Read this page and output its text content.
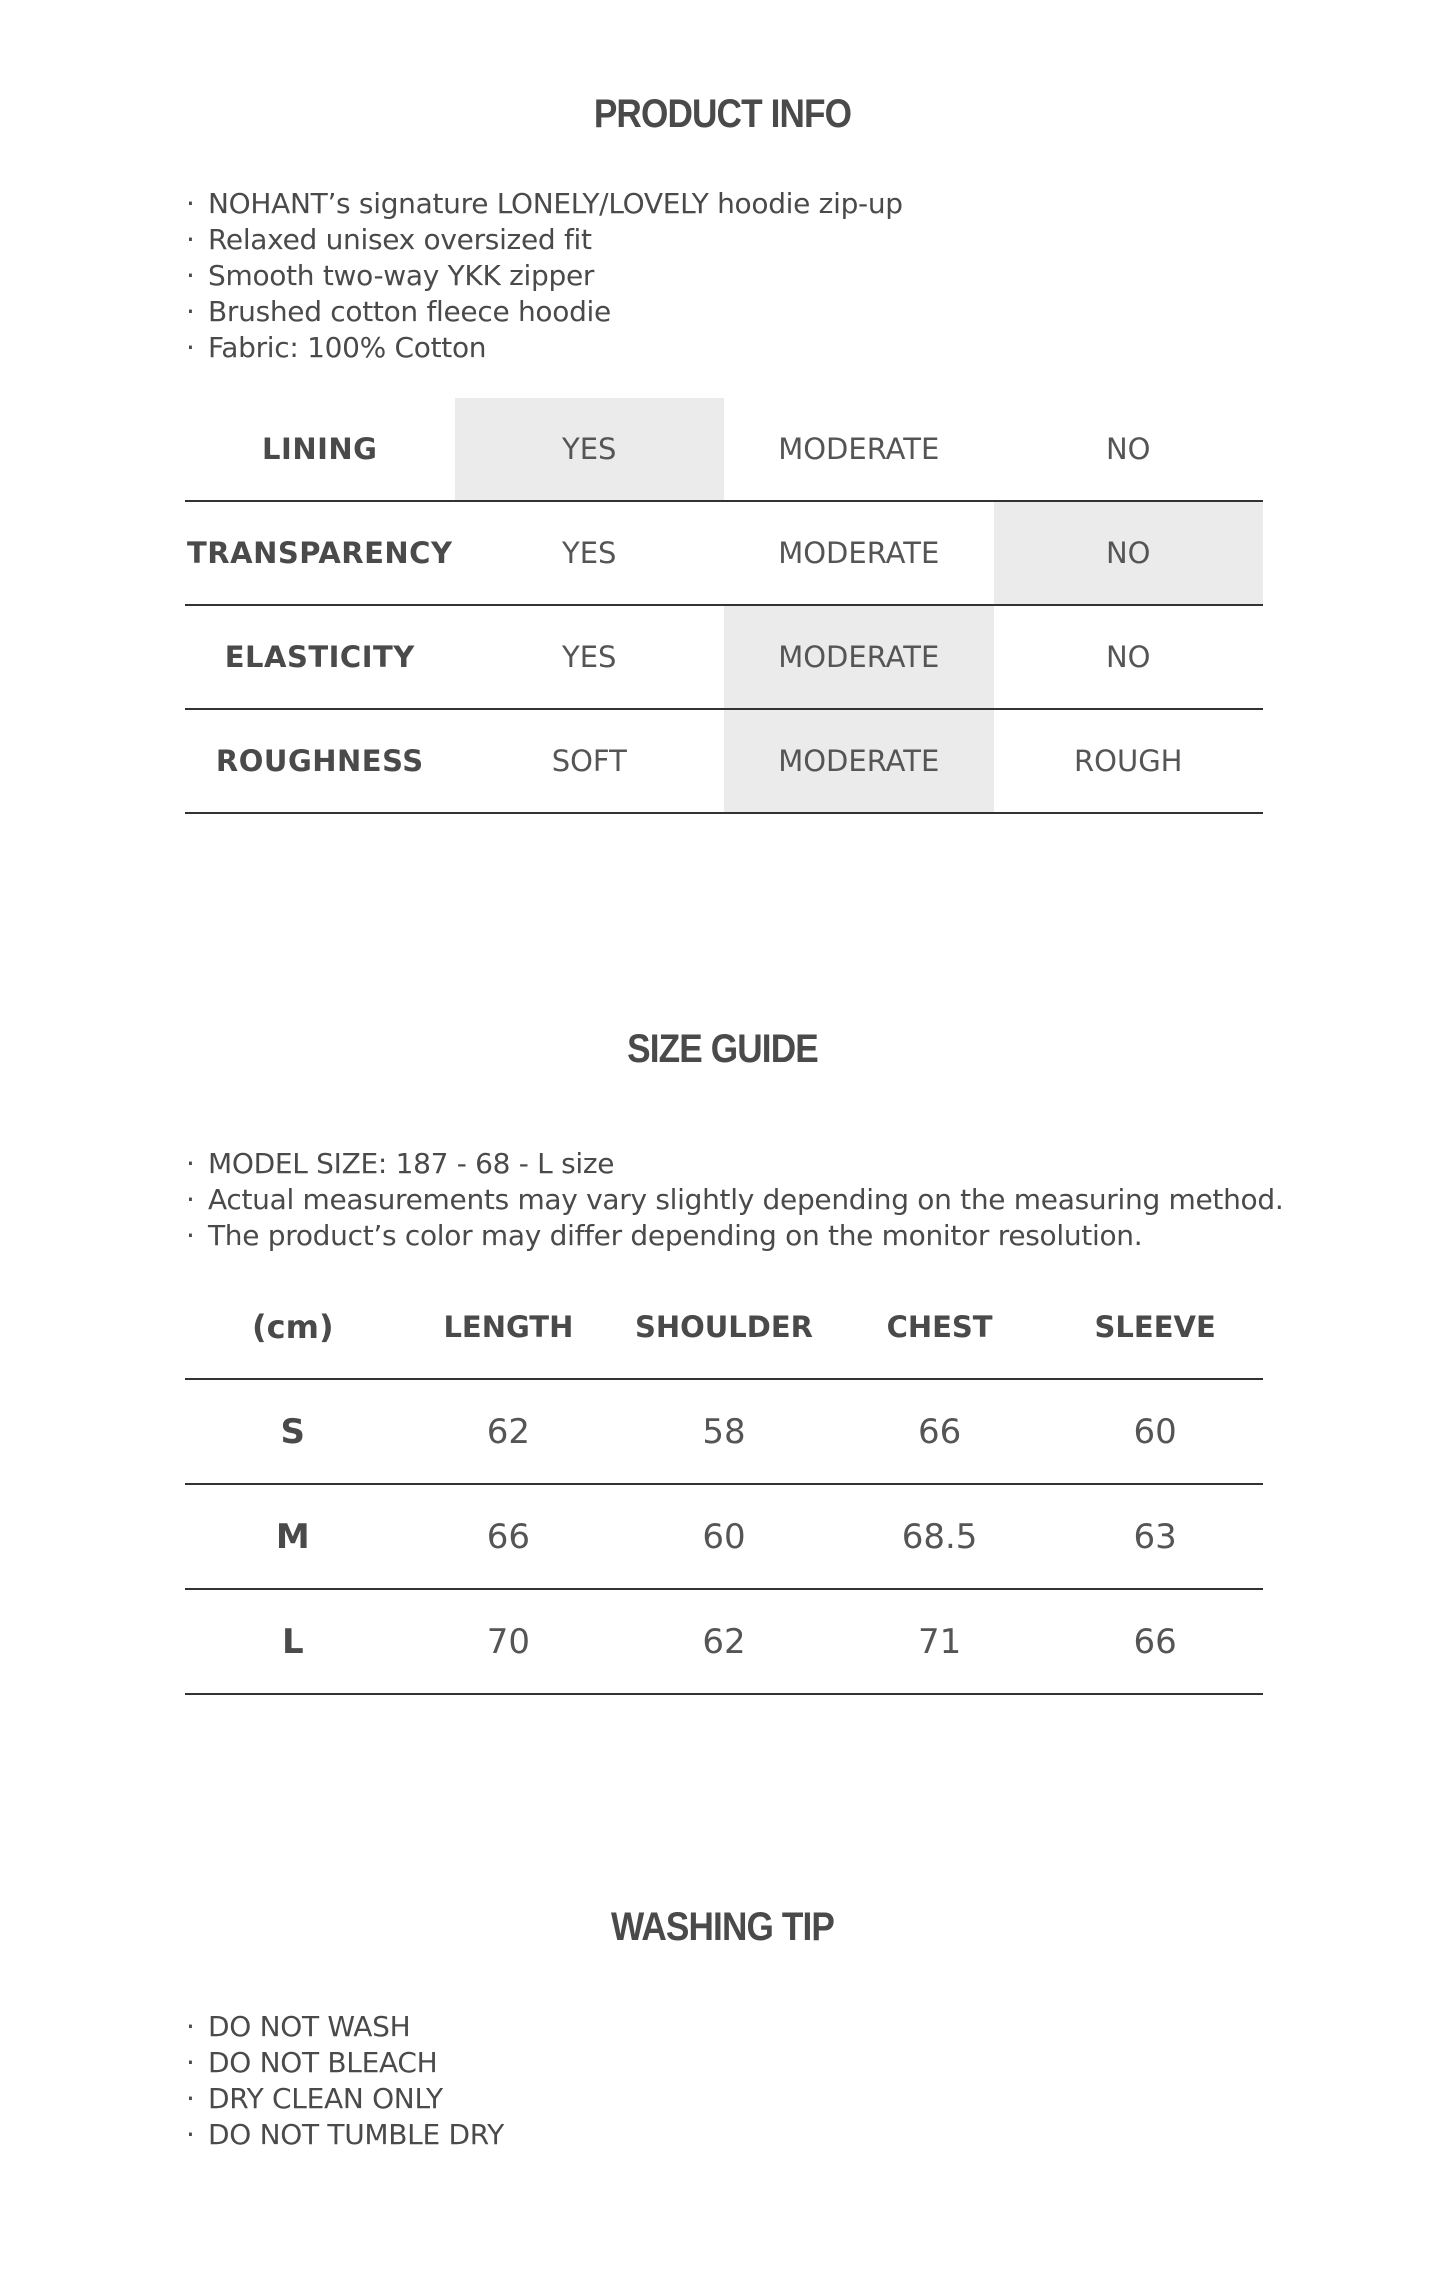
PRODUCT INFO
· NOHANT’s signature LONELY/LOVELY hoodie zip-up
· Relaxed unisex oversized fit
· Smooth two-way YKK zipper
· Brushed cotton fleece hoodie
· Fabric: 100% Cotton
LINING	YES	MODERATE	NO
TRANSPARENCY	YES	MODERATE	NO
ELASTICITY	YES	MODERATE	NO
ROUGHNESS	SOFT	MODERATE	ROUGH
SIZE GUIDE
· MODEL SIZE: 187 - 68 - L size
· Actual measurements may vary slightly depending on the measuring method.
· The product’s color may differ depending on the monitor resolution.
(cm)	LENGTH	SHOULDER	CHEST	SLEEVE
S	62	58	66	60
M	66	60	68.5	63
L	70	62	71	66
WASHING TIP
· DO NOT WASH
· DO NOT BLEACH
· DRY CLEAN ONLY
· DO NOT TUMBLE DRY
